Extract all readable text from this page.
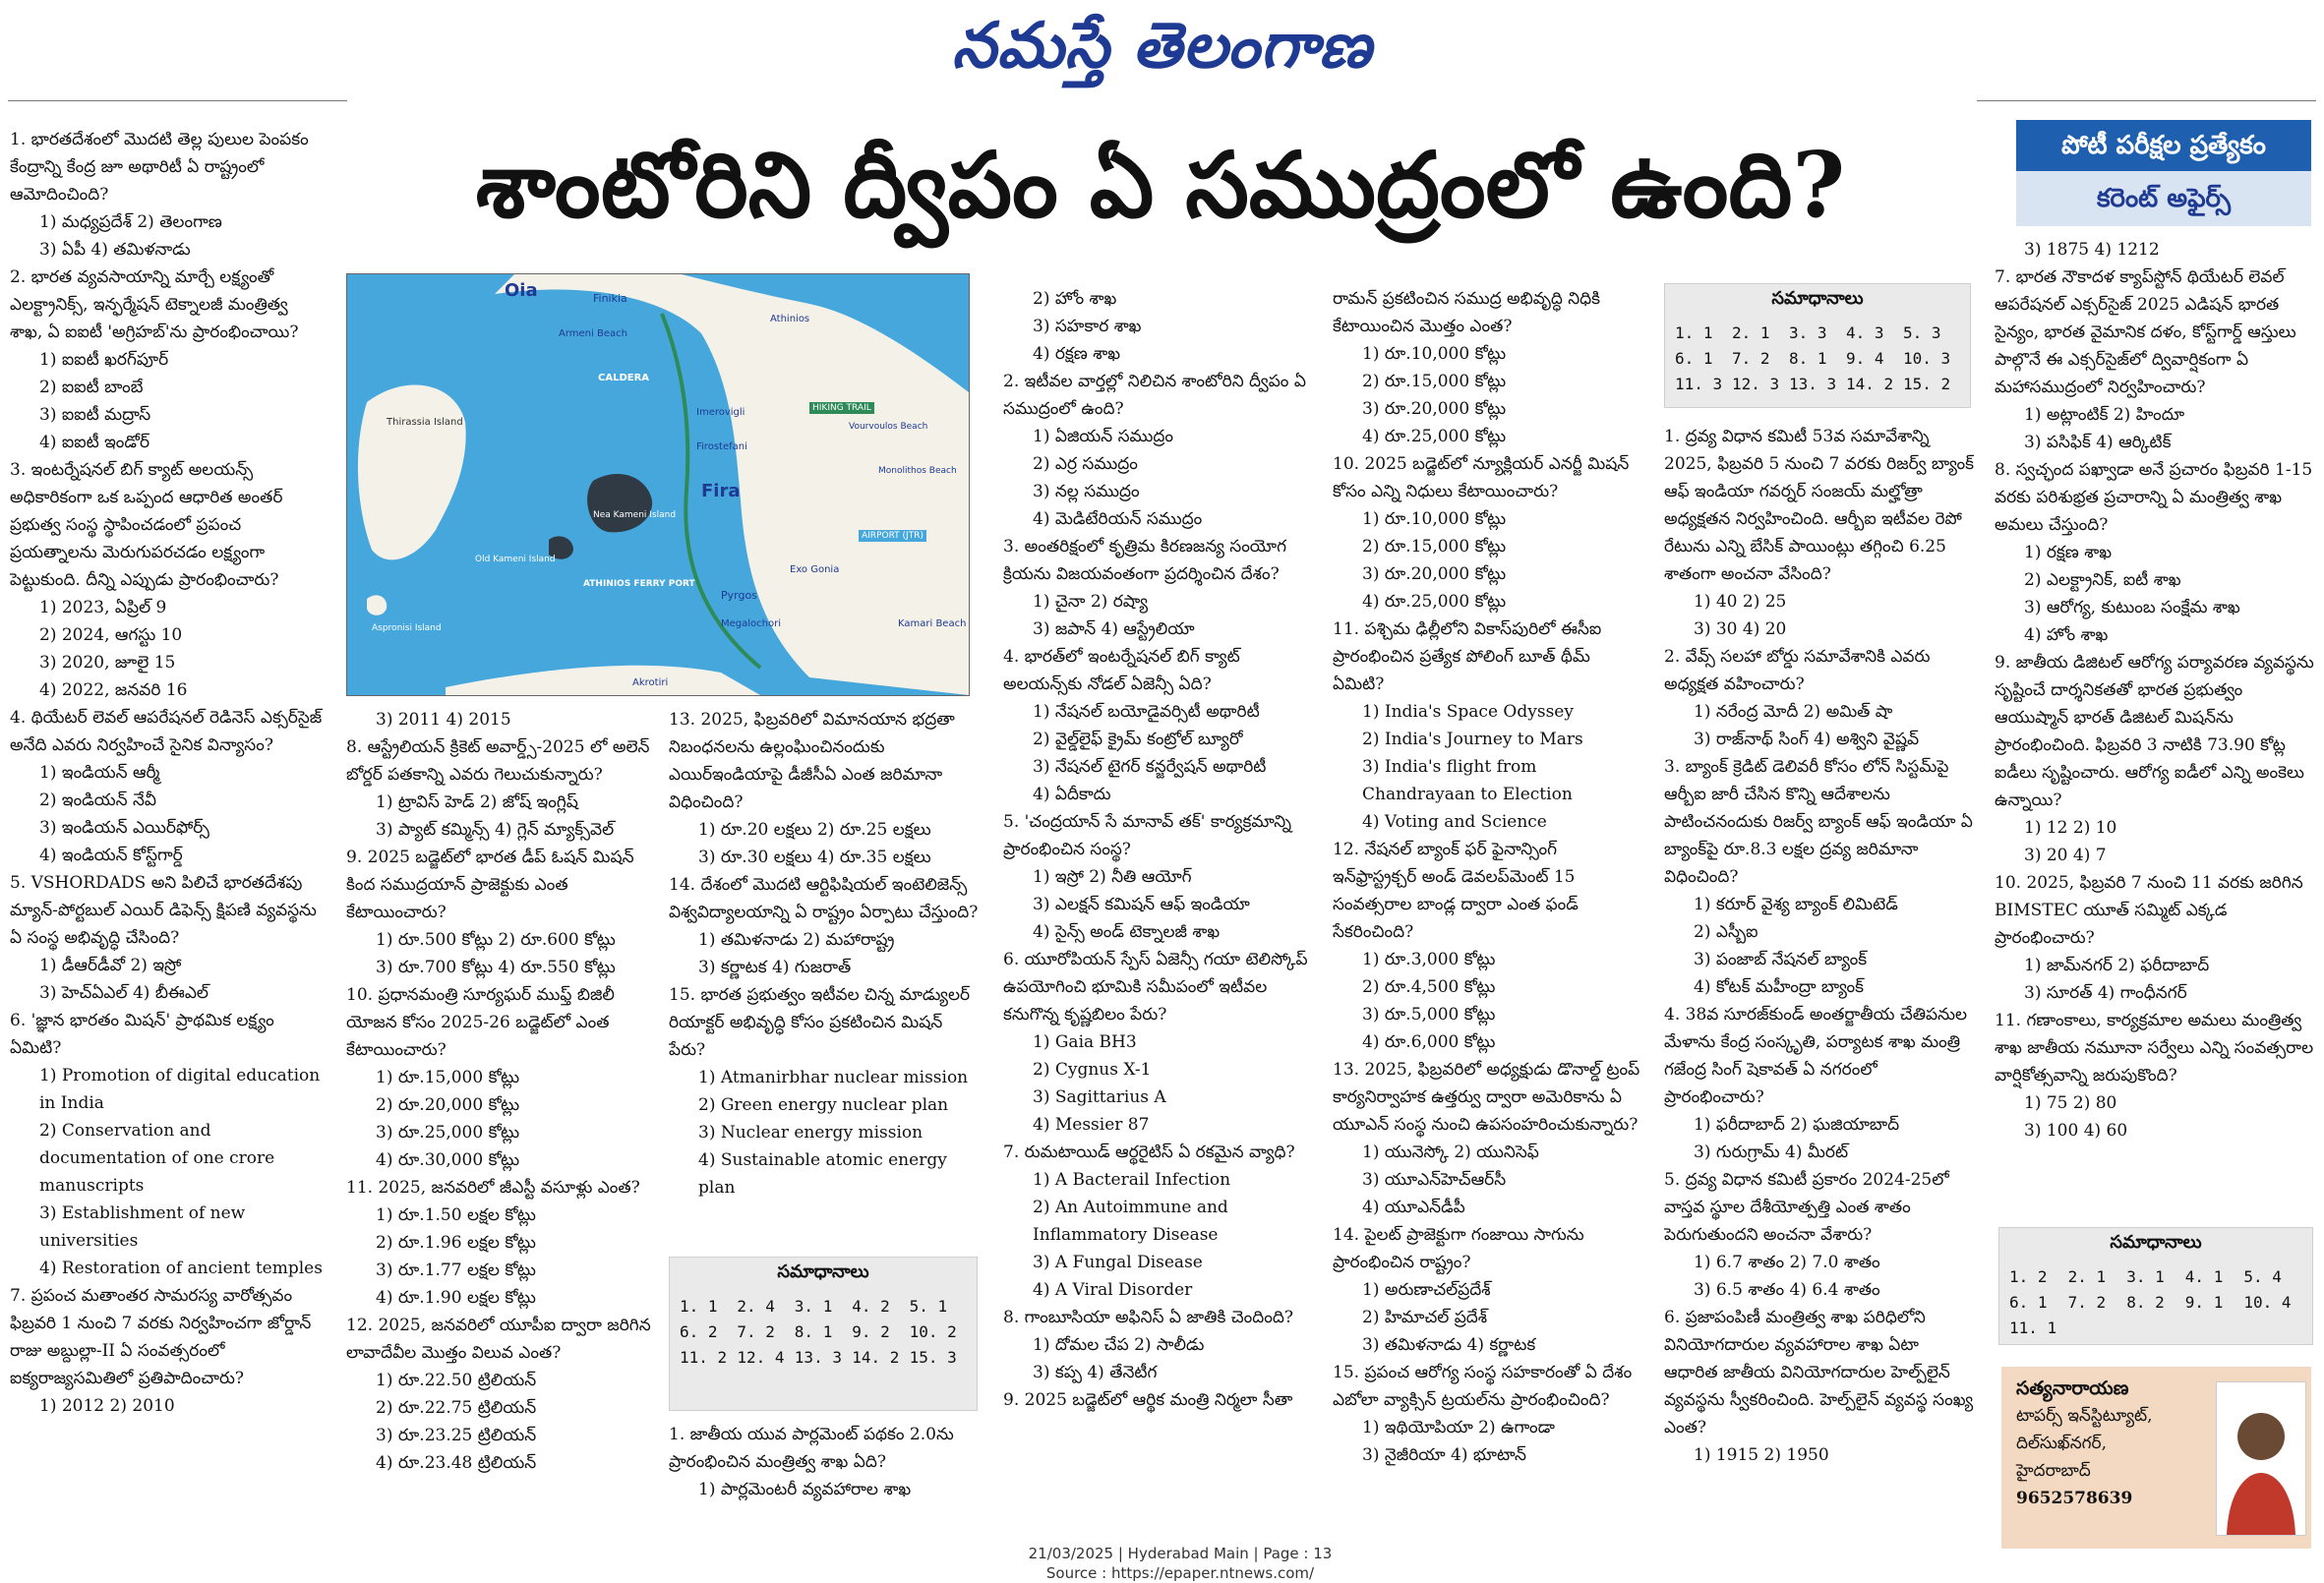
నమస్తే తెలంగాణ
శాంటోరిని ద్వీపం ఏ సముద్రంలో ఉంది?	పోటీ పరీక్షల ప్రత్యేకం
కరెంట్ అఫైర్స్

1. భారతదేశంలో మొదటి తెల్ల పులుల పెంపకం కేంద్రాన్ని కేంద్ర జూ అథారిటీ ఏ రాష్ట్రంలో ఆమోదించింది?

1) మధ్యప్రదేశ్ 2) తెలంగాణ

3) ఏపీ 4) తమిళనాడు

2. భారత వ్యవసాయాన్ని మార్చే లక్ష్యంతో ఎలక్ట్రానిక్స్, ఇన్ఫర్మేషన్ టెక్నాలజీ మంత్రిత్వ శాఖ, ఏ ఐఐటీ 'అగ్రిహబ్'ను ప్రారంభించాయి?

1) ఐఐటీ ఖరగ్‌పూర్

2) ఐఐటీ బాంబే

3) ఐఐటీ మద్రాస్

4) ఐఐటీ ఇండోర్

3. ఇంటర్నేషనల్ బిగ్ క్యాట్ అలయన్స్ అధికారికంగా ఒక ఒప్పంద ఆధారిత అంతర్ ప్రభుత్వ సంస్థ స్థాపించడంలో ప్రపంచ ప్రయత్నాలను మెరుగుపరచడం లక్ష్యంగా పెట్టుకుంది. దీన్ని ఎప్పుడు ప్రారంభించారు?

1) 2023, ఏప్రిల్ 9

2) 2024, ఆగస్టు 10

3) 2020, జూలై 15

4) 2022, జనవరి 16

4. థియేటర్ లెవల్ ఆపరేషనల్ రెడినెస్ ఎక్సర్‌సైజ్ అనేది ఎవరు నిర్వహించే సైనిక విన్యాసం?

1) ఇండియన్ ఆర్మీ

2) ఇండియన్ నేవీ

3) ఇండియన్ ఎయిర్‌ఫోర్స్

4) ఇండియన్ కోస్ట్‌గార్డ్

5. VSHORDADS అని పిలిచే భారతదేశపు మ్యాన్-పోర్టబుల్ ఎయిర్ డిఫెన్స్ క్షిపణి వ్యవస్థను ఏ సంస్థ అభివృద్ధి చేసింది?

1) డీఆర్‌డీవో 2) ఇస్రో

3) హెచ్‌ఏఎల్ 4) బీఈఎల్

6. 'జ్ఞాన భారతం మిషన్' ప్రాథమిక లక్ష్యం ఏమిటి?

1) Promotion of digital education in India

2) Conservation and documentation of one crore manuscripts

3) Establishment of new universities

4) Restoration of ancient temples

7. ప్రపంచ మతాంతర సామరస్య వారోత్సవం ఫిబ్రవరి 1 నుంచి 7 వరకు నిర్వహించగా జోర్డాన్ రాజు అబ్దుల్లా-II ఏ సంవత్సరంలో ఐక్యరాజ్యసమితిలో ప్రతిపాదించారు?

1) 2012 2) 2010

Oia	Finikia
Armeni Beach
Athinios
Thirassia Island
CALDERA
Imerovigli
Firostefani
Fira
Nea Kameni Island
Old Kameni Island
Aspronisi Island
ATHINIOS FERRY PORT
Pyrgos
Megalochori
Exo Gonia
Kamari Beach
AIRPORT (JTR)
HIKING TRAIL
Akrotiri
Vourvoulos Beach
Monolithos Beach

3) 2011 4) 2015

8. ఆస్ట్రేలియన్ క్రికెట్ అవార్డ్స్-2025 లో అలెన్ బోర్డర్ పతకాన్ని ఎవరు గెలుచుకున్నారు?

1) ట్రావిస్ హెడ్ 2) జోష్ ఇంగ్లిష్

3) ప్యాట్ కమ్మిన్స్ 4) గ్లెన్ మ్యాక్స్‌వెల్

9. 2025 బడ్జెట్‌లో భారత డీప్ ఓషన్ మిషన్ కింద సముద్రయాన్ ప్రాజెక్టుకు ఎంత కేటాయించారు?

1) రూ.500 కోట్లు 2) రూ.600 కోట్లు

3) రూ.700 కోట్లు 4) రూ.550 కోట్లు

10. ప్రధానమంత్రి సూర్యఘర్ ముఫ్త్ బిజిలీ యోజన కోసం 2025-26 బడ్జెట్‌లో ఎంత కేటాయించారు?

1) రూ.15,000 కోట్లు

2) రూ.20,000 కోట్లు

3) రూ.25,000 కోట్లు

4) రూ.30,000 కోట్లు

11. 2025, జనవరిలో జీఎస్టీ వసూళ్లు ఎంత?

1) రూ.1.50 లక్షల కోట్లు

2) రూ.1.96 లక్షల కోట్లు

3) రూ.1.77 లక్షల కోట్లు

4) రూ.1.90 లక్షల కోట్లు

12. 2025, జనవరిలో యూపీఐ ద్వారా జరిగిన లావాదేవీల మొత్తం విలువ ఎంత?

1) రూ.22.50 ట్రిలియన్

2) రూ.22.75 ట్రిలియన్

3) రూ.23.25 ట్రిలియన్

4) రూ.23.48 ట్రిలియన్

13. 2025, ఫిబ్రవరిలో విమానయాన భద్రతా నిబంధనలను ఉల్లంఘించినందుకు ఎయిర్‌ఇండియాపై డీజీసీఏ ఎంత జరిమానా విధించింది?

1) రూ.20 లక్షలు 2) రూ.25 లక్షలు

3) రూ.30 లక్షలు 4) రూ.35 లక్షలు

14. దేశంలో మొదటి ఆర్టిఫిషియల్ ఇంటెలిజెన్స్ విశ్వవిద్యాలయాన్ని ఏ రాష్ట్రం ఏర్పాటు చేస్తుంది?

1) తమిళనాడు 2) మహారాష్ట్ర

3) కర్ణాటక 4) గుజరాత్

15. భారత ప్రభుత్వం ఇటీవల చిన్న మాడ్యులర్ రియాక్టర్ అభివృద్ధి కోసం ప్రకటించిన మిషన్ పేరు?

1) Atmanirbhar nuclear mission

2) Green energy nuclear plan

3) Nuclear energy mission

4) Sustainable atomic energy plan

సమాధానాలు
1. 1	2. 4	3. 1	4. 2	5. 1
6. 2	7. 2	8. 1	9. 2	10. 2
11. 2 12. 4 13. 3 14. 2 15. 3

1. జాతీయ యువ పార్లమెంట్ పథకం 2.0ను ప్రారంభించిన మంత్రిత్వ శాఖ ఏది?

1) పార్లమెంటరీ వ్యవహారాల శాఖ

2) హోం శాఖ

3) సహకార శాఖ

4) రక్షణ శాఖ

2. ఇటీవల వార్తల్లో నిలిచిన శాంటోరిని ద్వీపం ఏ సముద్రంలో ఉంది?

1) ఏజియన్ సముద్రం

2) ఎర్ర సముద్రం

3) నల్ల సముద్రం

4) మెడిటేరియన్ సముద్రం

3. అంతరిక్షంలో కృత్రిమ కిరణజన్య సంయోగ క్రియను విజయవంతంగా ప్రదర్శించిన దేశం?

1) చైనా 2) రష్యా

3) జపాన్ 4) ఆస్ట్రేలియా

4. భారత్‌లో ఇంటర్నేషనల్ బిగ్ క్యాట్ అలయన్స్‌కు నోడల్ ఏజెన్సీ ఏది?

1) నేషనల్ బయోడైవర్సిటీ అథారిటీ

2) వైల్డ్‌లైఫ్ క్రైమ్ కంట్రోల్ బ్యూరో

3) నేషనల్ టైగర్ కన్జర్వేషన్ అథారిటీ

4) ఏదీకాదు

5. 'చంద్రయాన్ సే మానావ్ తక్' కార్యక్రమాన్ని ప్రారంభించిన సంస్థ?

1) ఇస్రో 2) నీతి ఆయోగ్

3) ఎలక్షన్ కమిషన్ ఆఫ్ ఇండియా

4) సైన్స్ అండ్ టెక్నాలజీ శాఖ

6. యూరోపియన్ స్పేస్ ఏజెన్సీ గయా టెలిస్కోప్ ఉపయోగించి భూమికి సమీపంలో ఇటీవల కనుగొన్న కృష్ణబిలం పేరు?

1) Gaia BH3

2) Cygnus X-1

3) Sagittarius A

4) Messier 87

7. రుమటాయిడ్ ఆర్థరైటిస్ ఏ రకమైన వ్యాధి?

1) A Bacterail Infection

2) An Autoimmune and Inflammatory Disease

3) A Fungal Disease

4) A Viral Disorder

8. గాంబూసియా అఫినిస్ ఏ జాతికి చెందింది?

1) దోమల చేప 2) సాలీడు

3) కప్ప 4) తేనెటీగ

9. 2025 బడ్జెట్‌లో ఆర్థిక మంత్రి నిర్మలా సీతా

రామన్ ప్రకటించిన సముద్ర అభివృద్ధి నిధికి కేటాయించిన మొత్తం ఎంత?

1) రూ.10,000 కోట్లు

2) రూ.15,000 కోట్లు

3) రూ.20,000 కోట్లు

4) రూ.25,000 కోట్లు

10. 2025 బడ్జెట్‌లో న్యూక్లియర్ ఎనర్జీ మిషన్ కోసం ఎన్ని నిధులు కేటాయించారు?

1) రూ.10,000 కోట్లు

2) రూ.15,000 కోట్లు

3) రూ.20,000 కోట్లు

4) రూ.25,000 కోట్లు

11. పశ్చిమ ఢిల్లీలోని వికాస్‌పురిలో ఈసీఐ ప్రారంభించిన ప్రత్యేక పోలింగ్ బూత్ థీమ్ ఏమిటి?

1) India's Space Odyssey

2) India's Journey to Mars

3) India's flight from Chandrayaan to Election

4) Voting and Science

12. నేషనల్ బ్యాంక్ ఫర్ ఫైనాన్సింగ్ ఇన్‌ఫ్రాస్ట్రక్చర్ అండ్ డెవలప్‌మెంట్ 15 సంవత్సరాల బాండ్ల ద్వారా ఎంత ఫండ్ సేకరించింది?

1) రూ.3,000 కోట్లు

2) రూ.4,500 కోట్లు

3) రూ.5,000 కోట్లు

4) రూ.6,000 కోట్లు

13. 2025, ఫిబ్రవరిలో అధ్యక్షుడు డొనాల్డ్ ట్రంప్ కార్యనిర్వాహక ఉత్తర్వు ద్వారా అమెరికాను ఏ యూఎన్ సంస్థ నుంచి ఉపసంహరించుకున్నారు?

1) యునెస్కో 2) యునిసెఫ్

3) యూఎన్‌హెచ్‌ఆర్‌సీ

4) యూఎన్‌డీపీ

14. పైలట్ ప్రాజెక్టుగా గంజాయి సాగును ప్రారంభించిన రాష్ట్రం?

1) అరుణాచల్‌ప్రదేశ్

2) హిమాచల్ ప్రదేశ్

3) తమిళనాడు 4) కర్ణాటక

15. ప్రపంచ ఆరోగ్య సంస్థ సహకారంతో ఏ దేశం ఎబోలా వ్యాక్సిన్ ట్రయల్‌ను ప్రారంభించింది?

1) ఇథియోపియా 2) ఉగాండా

3) నైజీరియా 4) భూటాన్

సమాధానాలు
1. 1	2. 1	3. 3	4. 3	5. 3
6. 1	7. 2	8. 1	9. 4	10. 3
11. 3 12. 3 13. 3 14. 2 15. 2

1. ద్రవ్య విధాన కమిటీ 53వ సమావేశాన్ని 2025, ఫిబ్రవరి 5 నుంచి 7 వరకు రిజర్వ్ బ్యాంక్ ఆఫ్ ఇండియా గవర్నర్ సంజయ్ మల్హోత్రా అధ్యక్షతన నిర్వహించింది. ఆర్బీఐ ఇటీవల రెపో రేటును ఎన్ని బేసిక్ పాయింట్లు తగ్గించి 6.25 శాతంగా అంచనా వేసింది?

1) 40 2) 25

3) 30 4) 20

2. వేవ్స్ సలహా బోర్డు సమావేశానికి ఎవరు అధ్యక్షత వహించారు?

1) నరేంద్ర మోదీ 2) అమిత్ షా

3) రాజ్‌నాథ్ సింగ్ 4) అశ్విని వైష్ణవ్

3. బ్యాంక్ క్రెడిట్ డెలివరీ కోసం లోన్ సిస్టమ్‌పై ఆర్బీఐ జారీ చేసిన కొన్ని ఆదేశాలను పాటించనందుకు రిజర్వ్ బ్యాంక్ ఆఫ్ ఇండియా ఏ బ్యాంక్‌పై రూ.8.3 లక్షల ద్రవ్య జరిమానా విధించింది?

1) కరూర్ వైశ్య బ్యాంక్ లిమిటెడ్

2) ఎస్బీఐ

3) పంజాబ్ నేషనల్ బ్యాంక్

4) కోటక్ మహీంద్రా బ్యాంక్

4. 38వ సూరజ్‌కుండ్ అంతర్జాతీయ చేతిపనుల మేళాను కేంద్ర సంస్కృతి, పర్యాటక శాఖ మంత్రి గజేంద్ర సింగ్ షెకావత్ ఏ నగరంలో ప్రారంభించారు?

1) ఫరీదాబాద్ 2) ఘజియాబాద్

3) గురుగ్రామ్ 4) మీరట్

5. ద్రవ్య విధాన కమిటీ ప్రకారం 2024-25లో వాస్తవ స్థూల దేశీయోత్పత్తి ఎంత శాతం పెరుగుతుందని అంచనా వేశారు?

1) 6.7 శాతం 2) 7.0 శాతం

3) 6.5 శాతం 4) 6.4 శాతం

6. ప్రజాపంపిణీ మంత్రిత్వ శాఖ పరిధిలోని వినియోగదారుల వ్యవహారాల శాఖ ఏటా ఆధారిత జాతీయ వినియోగదారుల హెల్ప్‌లైన్ వ్యవస్థను స్వీకరించింది. హెల్ప్‌లైన్ వ్యవస్థ సంఖ్య ఎంత?

1) 1915 2) 1950

3) 1875 4) 1212

7. భారత నౌకాదళ క్యాప్‌స్టోన్ థియేటర్ లెవల్ ఆపరేషనల్ ఎక్సర్‌సైజ్ 2025 ఎడిషన్ భారత సైన్యం, భారత వైమానిక దళం, కోస్ట్‌గార్డ్ ఆస్తులు పాల్గొనే ఈ ఎక్సర్‌సైజ్‌లో ద్వివార్షికంగా ఏ మహాసముద్రంలో నిర్వహించారు?

1) అట్లాంటిక్ 2) హిందూ

3) పసిఫిక్ 4) ఆర్కిటిక్

8. స్వచ్ఛంద పఖ్వాడా అనే ప్రచారం ఫిబ్రవరి 1-15 వరకు పరిశుభ్రత ప్రచారాన్ని ఏ మంత్రిత్వ శాఖ అమలు చేస్తుంది?

1) రక్షణ శాఖ

2) ఎలక్ట్రానిక్, ఐటీ శాఖ

3) ఆరోగ్య, కుటుంబ సంక్షేమ శాఖ

4) హోం శాఖ

9. జాతీయ డిజిటల్ ఆరోగ్య పర్యావరణ వ్యవస్థను సృష్టించే దార్శనికతతో భారత ప్రభుత్వం ఆయుష్మాన్ భారత్ డిజిటల్ మిషన్‌ను ప్రారంభించింది. ఫిబ్రవరి 3 నాటికి 73.90 కోట్ల ఐడీలు సృష్టించారు. ఆరోగ్య ఐడీలో ఎన్ని అంకెలు ఉన్నాయి?

1) 12 2) 10

3) 20 4) 7

10. 2025, ఫిబ్రవరి 7 నుంచి 11 వరకు జరిగిన BIMSTEC యూత్ సమ్మిట్ ఎక్కడ ప్రారంభించారు?

1) జామ్‌నగర్ 2) ఫరీదాబాద్

3) సూరత్ 4) గాంధీనగర్

11. గణాంకాలు, కార్యక్రమాల అమలు మంత్రిత్వ శాఖ జాతీయ నమూనా సర్వేలు ఎన్ని సంవత్సరాల వార్షికోత్సవాన్ని జరుపుకొంది?

1) 75 2) 80

3) 100 4) 60

సమాధానాలు
1. 2	2. 1	3. 1	4. 1	5. 4
6. 1	7. 2	8. 2	9. 1	10. 4
11. 1
సత్యనారాయణ
టాపర్స్ ఇన్‌స్టిట్యూట్,
దిల్‌సుఖ్‌నగర్,
హైదరాబాద్
9652578639
21/03/2025 | Hyderabad Main | Page : 13
Source : https://epaper.ntnews.com/
